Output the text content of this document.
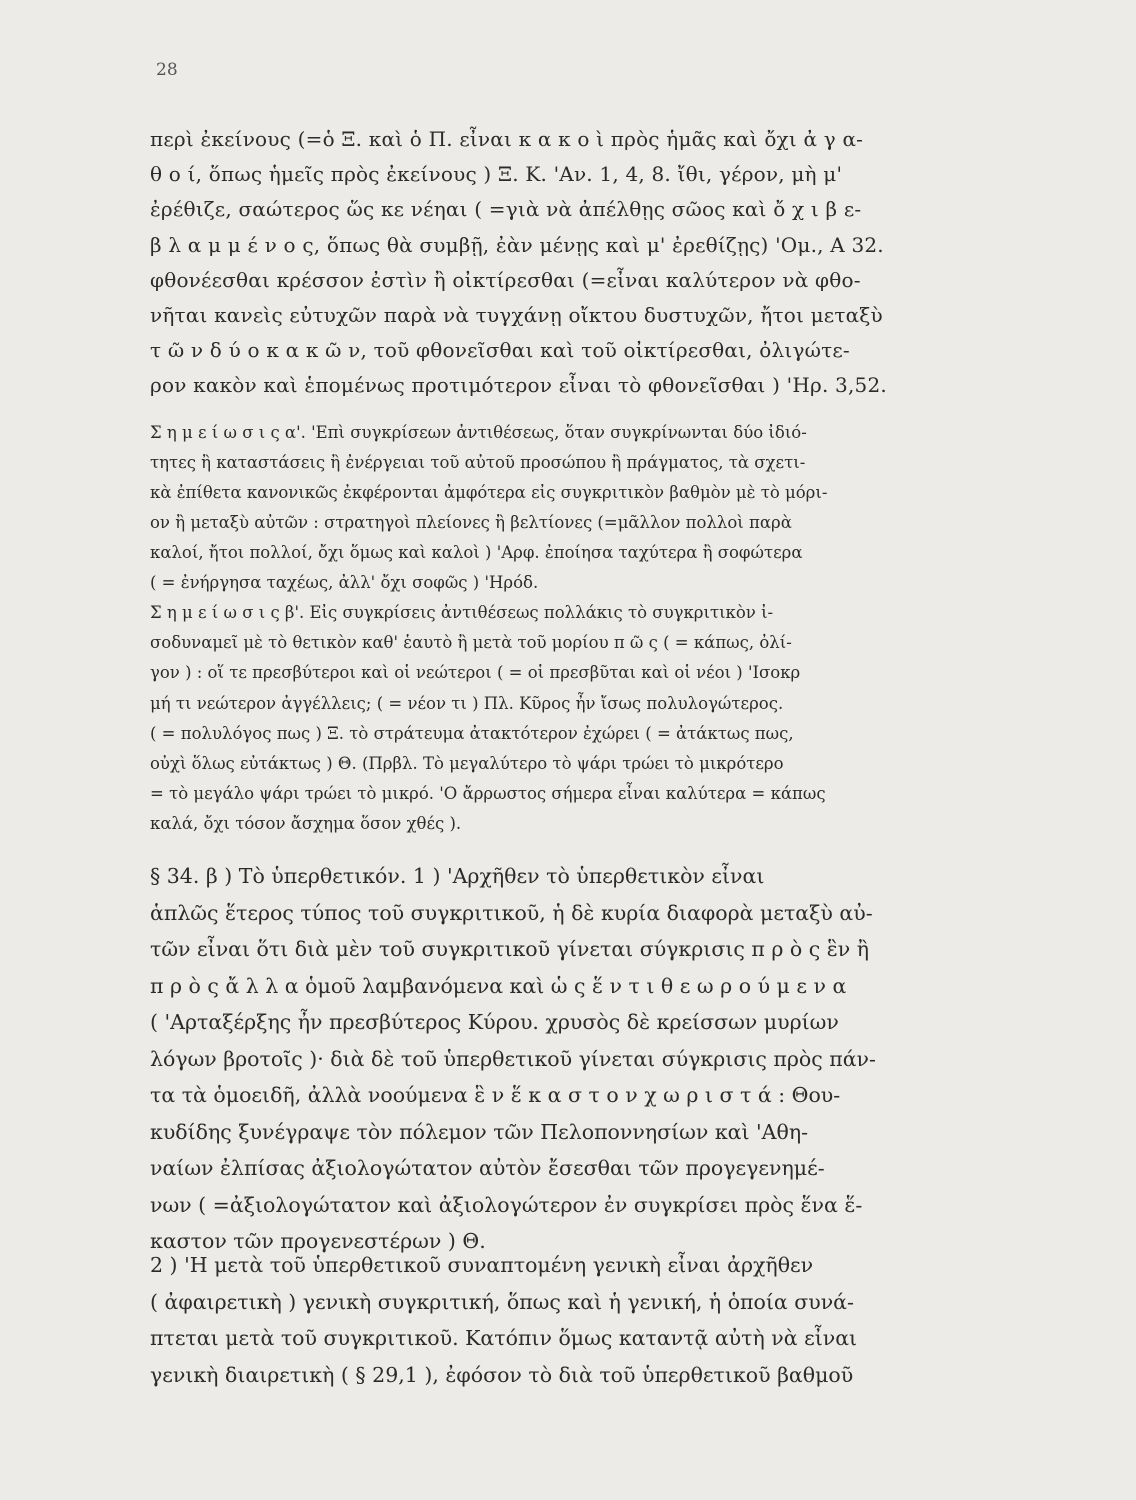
28
περὶ ἐκείνους (=ὁ Ξ. καὶ ὁ Π. εἶναι κ α κ ο ὶ πρὸς ἡμᾶς καὶ ὄχι ἀ γ α-
θ ο ί, ὅπως ἡμεῖς πρὸς ἐκείνους ) Ξ. Κ. 'Αν. 1, 4, 8. ἴθι, γέρον, μὴ μ'
ἐρέθιζε, σαώτερος ὥς κε νέηαι ( =γιὰ νὰ ἀπέλθῃς σῶος καὶ ὄ χ ι β ε-
β λ α μ μ έ ν ο ς, ὅπως θὰ συμβῇ, ἐὰν μένῃς καὶ μ' ἐρεθίζῃς) 'Ομ., Α 32.
φθονέεσθαι κρέσσον ἐστὶν ἢ οἰκτίρεσθαι (=εἶναι καλύτερον νὰ φθο-
νῆται κανεὶς εὐτυχῶν παρὰ νὰ τυγχάνῃ οἴκτου δυστυχῶν, ἤτοι μεταξὺ
τ ῶ ν δ ύ ο κ α κ ῶ ν, τοῦ φθονεῖσθαι καὶ τοῦ οἰκτίρεσθαι, ὀλιγώτε-
ρον κακὸν καὶ ἑπομένως προτιμότερον εἶναι τὸ φθονεῖσθαι ) 'Ηρ. 3,52.
Σ η μ ε ί ω σ ι ς α'. 'Επὶ συγκρίσεων ἀντιθέσεως, ὅταν συγκρίνωνται δύο ἰδιό-
τητες ἢ καταστάσεις ἢ ἐνέργειαι τοῦ αὐτοῦ προσώπου ἢ πράγματος, τὰ σχετι-
κὰ ἐπίθετα κανονικῶς ἐκφέρονται ἀμφότερα εἰς συγκριτικὸν βαθμὸν μὲ τὸ μόρι-
ον ἢ μεταξὺ αὐτῶν : στρατηγοὶ πλείονες ἢ βελτίονες (=μᾶλλον πολλοὶ παρὰ
καλοί, ἤτοι πολλοί, ὄχι ὅμως καὶ καλοὶ ) 'Αρφ. ἐποίησα ταχύτερα ἢ σοφώτερα
( = ἐνήργησα ταχέως, ἀλλ' ὄχι σοφῶς ) 'Ηρόδ.
Σ η μ ε ί ω σ ι ς β'. Εἰς συγκρίσεις ἀντιθέσεως πολλάκις τὸ συγκριτικὸν ἰ-
σοδυναμεῖ μὲ τὸ θετικὸν καθ' ἑαυτὸ ἢ μετὰ τοῦ μορίου π ῶ ς ( = κάπως, ὀλί-
γον ) : οἵ τε πρεσβύτεροι καὶ οἱ νεώτεροι ( = οἱ πρεσβῦται καὶ οἱ νέοι ) 'Ισοκρ
μή τι νεώτερον ἀγγέλλεις; ( = νέον τι ) Πλ. Κῦρος ἦν ἴσως πολυλογώτερος.
( = πολυλόγος πως ) Ξ. τὸ στράτευμα ἀτακτότερον ἐχώρει ( = ἀτάκτως πως,
οὐχὶ ὅλως εὐτάκτως ) Θ. (Πρβλ. Τὸ μεγαλύτερο τὸ ψάρι τρώει τὸ μικρότερο
= τὸ μεγάλο ψάρι τρώει τὸ μικρό. 'Ο ἄρρωστος σήμερα εἶναι καλύτερα = κάπως
καλά, ὄχι τόσον ἄσχημα ὅσον χθές ).
§ 34. β ) Τὸ ὑπερθετικόν. 1 ) 'Αρχῆθεν τὸ ὑπερθετικὸν εἶναι
ἁπλῶς ἕτερος τύπος τοῦ συγκριτικοῦ, ἡ δὲ κυρία διαφορὰ μεταξὺ αὐ-
τῶν εἶναι ὅτι διὰ μὲν τοῦ συγκριτικοῦ γίνεται σύγκρισις π ρ ὸ ς ἓν ἢ
π ρ ὸ ς ἄ λ λ α ὁμοῦ λαμβανόμενα καὶ ὡ ς ἕ ν τ ι θ ε ω ρ ο ύ μ ε ν α
( 'Αρταξέρξης ἦν πρεσβύτερος Κύρου. χρυσὸς δὲ κρείσσων μυρίων
λόγων βροτοῖς )· διὰ δὲ τοῦ ὑπερθετικοῦ γίνεται σύγκρισις πρὸς πάν-
τα τὰ ὁμοειδῆ, ἀλλὰ νοούμενα ἓ ν ἕ κ α σ τ ο ν χ ω ρ ι σ τ ά : Θου-
κυδίδης ξυνέγραψε τὸν πόλεμον τῶν Πελοποννησίων καὶ 'Αθη-
ναίων ἐλπίσας ἀξιολογώτατον αὐτὸν ἔσεσθαι τῶν προγεγενημέ-
νων ( =ἀξιολογώτατον καὶ ἀξιολογώτερον ἐν συγκρίσει πρὸς ἕνα ἕ-
καστον τῶν προγενεστέρων ) Θ.
2 ) 'Η μετὰ τοῦ ὑπερθετικοῦ συναπτομένη γενικὴ εἶναι ἀρχῆθεν
( ἀφαιρετικὴ ) γενικὴ συγκριτική, ὅπως καὶ ἡ γενική, ἡ ὁποία συνά-
πτεται μετὰ τοῦ συγκριτικοῦ. Κατόπιν ὅμως καταντᾷ αὐτὴ νὰ εἶναι
γενικὴ διαιρετικὴ ( § 29,1 ), ἐφόσον τὸ διὰ τοῦ ὑπερθετικοῦ βαθμοῦ
